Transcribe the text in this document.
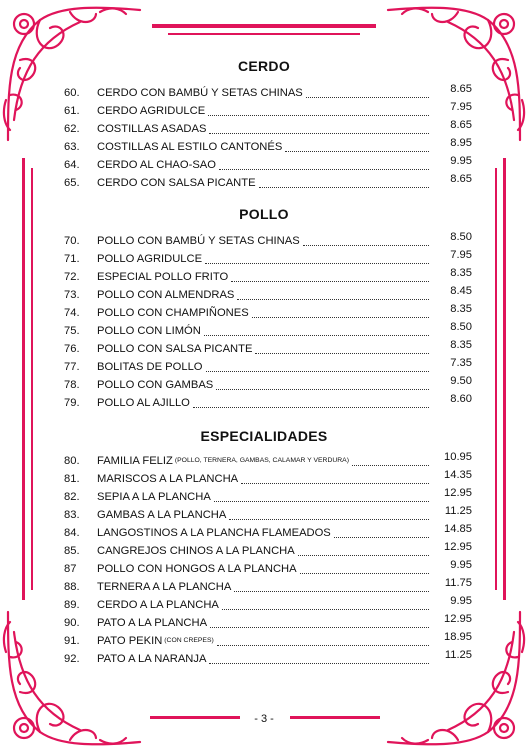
CERDO
60.	CERDO CON BAMBÚ Y SETAS CHINAS	8.65
61.	CERDO AGRIDULCE	7.95
62.	COSTILLAS ASADAS	8.65
63.	COSTILLAS AL ESTILO CANTONÉS	8.95
64.	CERDO AL CHAO-SAO	9.95
65.	CERDO CON SALSA PICANTE	8.65
POLLO
70.	POLLO CON BAMBÚ Y SETAS CHINAS	8.50
71.	POLLO AGRIDULCE	7.95
72.	ESPECIAL POLLO FRITO	8.35
73.	POLLO CON ALMENDRAS	8.45
74.	POLLO CON CHAMPIÑONES	8.35
75.	POLLO CON LIMÓN	8.50
76.	POLLO CON SALSA PICANTE	8.35
77.	BOLITAS DE POLLO	7.35
78.	POLLO CON GAMBAS	9.50
79.	POLLO AL AJILLO	8.60
ESPECIALIDADES
80.	FAMILIA FELIZ (POLLO, TERNERA, GAMBAS, CALAMAR Y VERDURA)	10.95
81.	MARISCOS A LA PLANCHA	14.35
82.	SEPIA A LA PLANCHA	12.95
83.	GAMBAS A LA PLANCHA	11.25
84.	LANGOSTINOS A LA PLANCHA FLAMEADOS	14.85
85.	CANGREJOS CHINOS A LA PLANCHA	12.95
87	POLLO CON HONGOS A LA PLANCHA	9.95
88.	TERNERA A LA PLANCHA	11.75
89.	CERDO A LA PLANCHA	9.95
90.	PATO A LA PLANCHA	12.95
91.	PATO PEKIN (CON CREPES)	18.95
92.	PATO A LA NARANJA	11.25
- 3 -
